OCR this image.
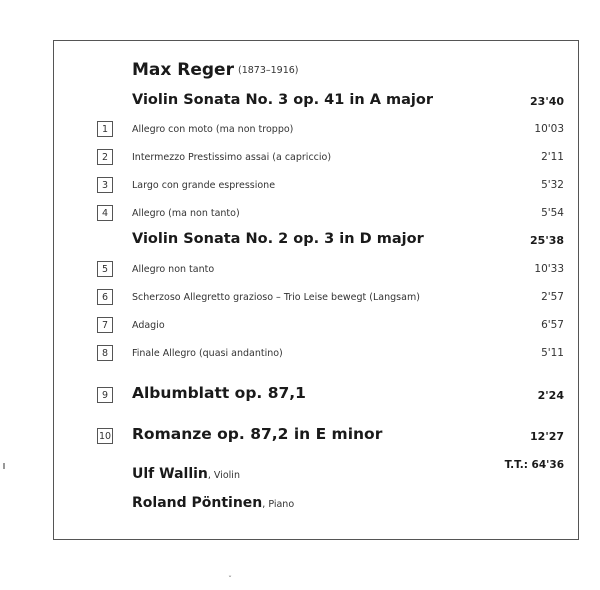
Max Reger (1873–1916)
Violin Sonata No. 3 op. 41 in A major	23'40
1	Allegro con moto (ma non troppo)	10'03
2	Intermezzo Prestissimo assai (a capriccio)	2'11
3	Largo con grande espressione	5'32
4	Allegro (ma non tanto)	5'54
Violin Sonata No. 2 op. 3 in D major	25'38
5	Allegro non tanto	10'33
6	Scherzoso Allegretto grazioso – Trio Leise bewegt (Langsam)	2'57
7	Adagio	6'57
8	Finale Allegro (quasi andantino)	5'11
9	Albumblatt op. 87,1	2'24
10 Romanze op. 87,2 in E minor	12'27
T.T.: 64'36
Ulf Wallin, Violin
Roland Pöntinen, Piano
ˇ
